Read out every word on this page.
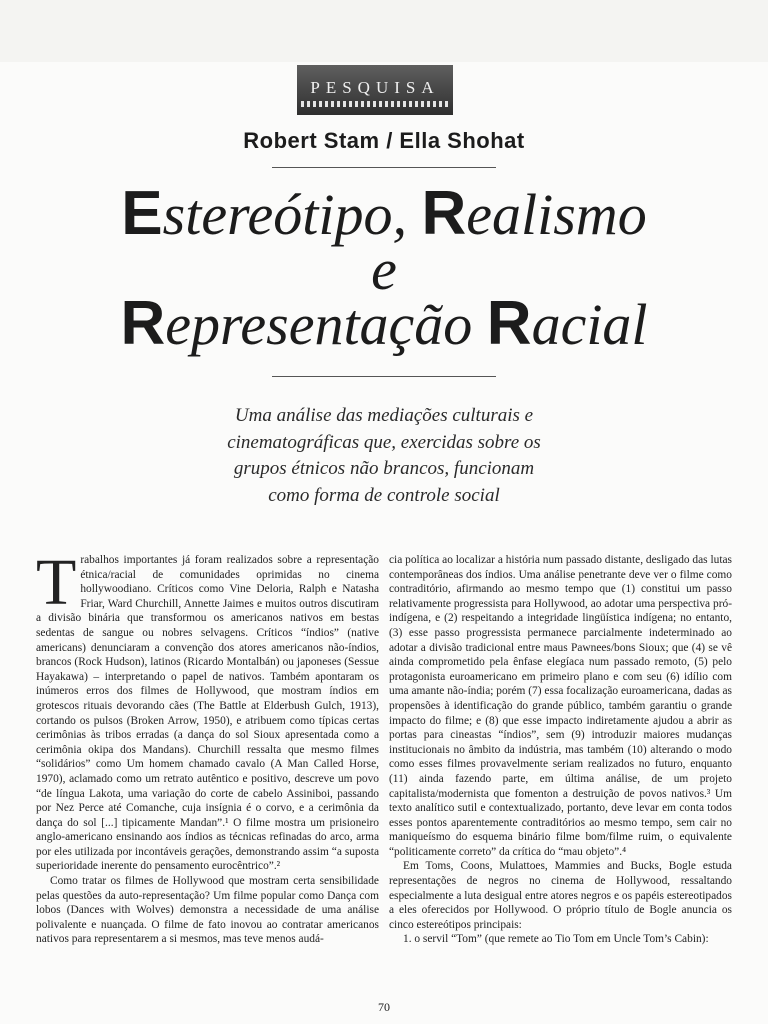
PESQUISA
Robert Stam / Ella Shohat
Estereótipo, Realismo
e
Representação Racial
Uma análise das mediações culturais e cinematográficas que, exercidas sobre os grupos étnicos não brancos, funcionam como forma de controle social

Trabalhos importantes já foram realizados sobre a representação étnica/racial de comunidades oprimidas no cinema hollywoodiano. Críticos como Vine Deloria, Ralph e Natasha Friar, Ward Churchill, Annette Jaimes e muitos outros discutiram a divisão binária que transformou os americanos nativos em bestas sedentas de sangue ou nobres selvagens. Críticos “índios” (native americans) denunciaram a convenção dos atores americanos não-índios, brancos (Rock Hudson), latinos (Ricardo Montalbán) ou japoneses (Sessue Hayakawa) – interpretando o papel de nativos. Também apontaram os inúmeros erros dos filmes de Hollywood, que mostram índios em grotescos rituais devorando cães (The Battle at Elderbush Gulch, 1913), cortando os pulsos (Broken Arrow, 1950), e atribuem como típicas certas cerimônias às tribos erradas (a dança do sol Sioux apresentada como a cerimônia okipa dos Mandans). Churchill ressalta que mesmo filmes “solidários” como Um homem chamado cavalo (A Man Called Horse, 1970), aclamado como um retrato autêntico e positivo, descreve um povo “de língua Lakota, uma variação do corte de cabelo Assiniboi, passando por Nez Perce até Comanche, cuja insígnia é o corvo, e a cerimônia da dança do sol [...] tipicamente Mandan”.¹ O filme mostra um prisioneiro anglo-americano ensinando aos índios as técnicas refinadas do arco, arma por eles utilizada por incontáveis gerações, demonstrando assim “a suposta superioridade inerente do pensamento eurocêntrico”.²

Como tratar os filmes de Hollywood que mostram certa sensibilidade pelas questões da auto-representação? Um filme popular como Dança com lobos (Dances with Wolves) demonstra a necessidade de uma análise polivalente e nuançada. O filme de fato inovou ao contratar americanos nativos para representarem a si mesmos, mas teve menos audá-

cia política ao localizar a história num passado distante, desligado das lutas contemporâneas dos índios. Uma análise penetrante deve ver o filme como contraditório, afirmando ao mesmo tempo que (1) constitui um passo relativamente progressista para Hollywood, ao adotar uma perspectiva pró-indígena, e (2) respeitando a integridade lingüística indígena; no entanto, (3) esse passo progressista permanece parcialmente indeterminado ao adotar a divisão tradicional entre maus Pawnees/bons Sioux; que (4) se vê ainda comprometido pela ênfase elegíaca num passado remoto, (5) pelo protagonista euroamericano em primeiro plano e com seu (6) idílio com uma amante não-índia; porém (7) essa focalização euroamericana, dadas as propensões à identificação do grande público, também garantiu o grande impacto do filme; e (8) que esse impacto indiretamente ajudou a abrir as portas para cineastas “índios”, sem (9) introduzir maiores mudanças institucionais no âmbito da indústria, mas também (10) alterando o modo como esses filmes provavelmente seriam realizados no futuro, enquanto (11) ainda fazendo parte, em última análise, de um projeto capitalista/modernista que fomenton a destruição de povos nativos.³ Um texto analítico sutil e contextualizado, portanto, deve levar em conta todos esses pontos aparentemente contraditórios ao mesmo tempo, sem cair no maniqueísmo do esquema binário filme bom/filme ruim, o equivalente “politicamente correto” da crítica do “mau objeto”.⁴

Em Toms, Coons, Mulattoes, Mammies and Bucks, Bogle estuda representações de negros no cinema de Hollywood, ressaltando especialmente a luta desigual entre atores negros e os papéis estereotipados a eles oferecidos por Hollywood. O próprio título de Bogle anuncia os cinco estereótipos principais:

1. o servil “Tom” (que remete ao Tio Tom em Uncle Tom’s Cabin):

70
